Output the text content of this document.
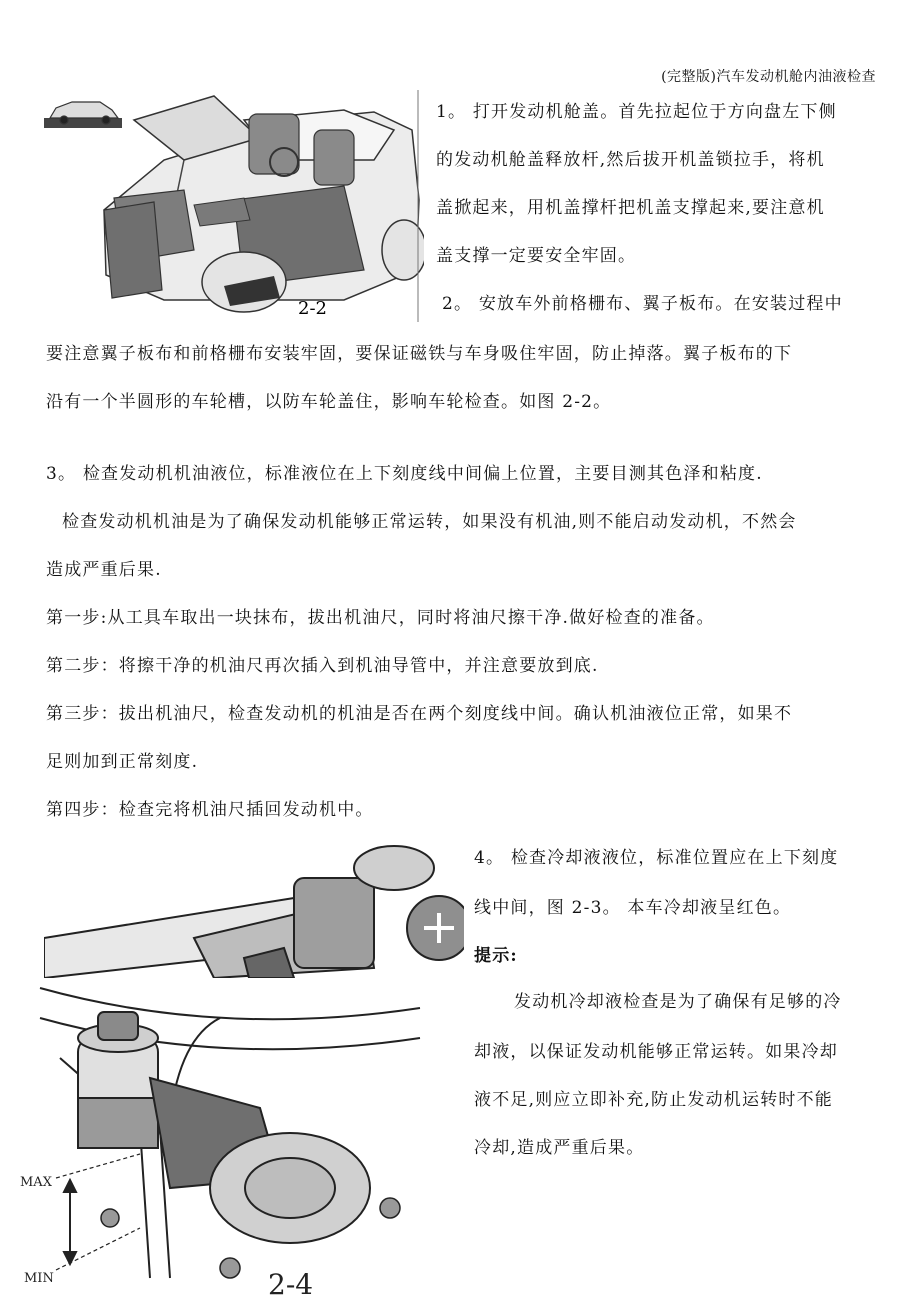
(完整版)汽车发动机舱内油液检查
2-2
1。 打开发动机舱盖。首先拉起位于方向盘左下侧
的发动机舱盖释放杆,然后拔开机盖锁拉手，将机
盖掀起来，用机盖撑杆把机盖支撑起来,要注意机
盖支撑一定要安全牢固。
2。 安放车外前格栅布、翼子板布。在安装过程中
要注意翼子板布和前格栅布安装牢固，要保证磁铁与车身吸住牢固，防止掉落。翼子板布的下
沿有一个半圆形的车轮槽，以防车轮盖住，影响车轮检查。如图 2-2。
3。 检查发动机机油液位，标准液位在上下刻度线中间偏上位置，主要目测其色泽和粘度.
检查发动机机油是为了确保发动机能够正常运转，如果没有机油,则不能启动发动机，不然会
造成严重后果.
第一步:从工具车取出一块抹布，拔出机油尺，同时将油尺擦干净.做好检查的准备。
第二步：将擦干净的机油尺再次插入到机油导管中，并注意要放到底.
第三步：拔出机油尺，检查发动机的机油是否在两个刻度线中间。确认机油液位正常，如果不
足则加到正常刻度.
第四步：检查完将机油尺插回发动机中。
4。 检查冷却液液位，标准位置应在上下刻度
线中间，图 2-3。 本车冷却液呈红色。
提示:
发动机冷却液检查是为了确保有足够的冷
却液，以保证发动机能够正常运转。如果冷却
液不足,则应立即补充,防止发动机运转时不能
冷却,造成严重后果。
MAX
MIN	2-4
